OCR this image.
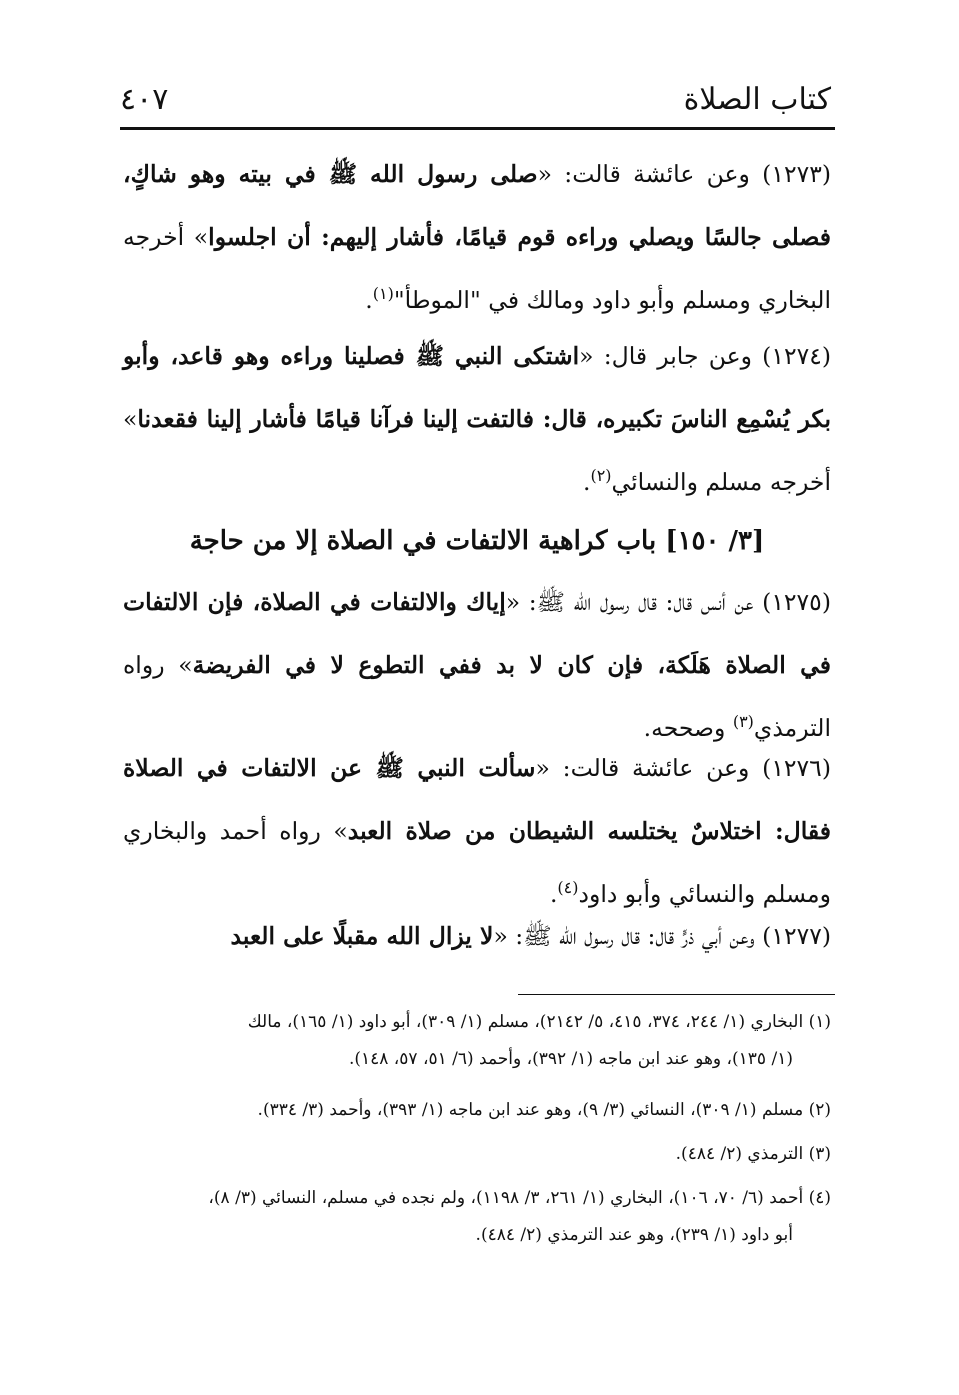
كتاب الصلاة
٤٠٧
(١٢٧٣) وعن عائشة قالت: «صلى رسول الله ﷺ في بيته وهو شاكٍ، فصلى جالسًا ويصلي وراءه قوم قيامًا، فأشار إليهم: أن اجلسوا» أخرجه البخاري ومسلم وأبو داود ومالك في "الموطأ"$^{(١)}$.
(١٢٧٤) وعن جابر قال: «اشتكى النبي ﷺ فصلينا وراءه وهو قاعد، وأبو بكر يُسْمِع الناسَ تكبيره، قال: فالتفت إلينا فرآنا قيامًا فأشار إلينا فقعدنا» أخرجه مسلم والنسائي$^{(٢)}$.
[٣/ ١٥٠] باب كراهية الالتفات في الصلاة إلا من حاجة
(١٢٧٥) عن أنس قال: قال رسول الله ﷺ: «إياك والالتفات في الصلاة، فإن الالتفات في الصلاة هَلَكة، فإن كان لا بد ففي التطوع لا في الفريضة» رواه الترمذي$^{(٣)}$ وصححه.
(١٢٧٦) وعن عائشة قالت: «سألت النبي ﷺ عن الالتفات في الصلاة فقال: اختلاسٌ يختلسه الشيطان من صلاة العبد» رواه أحمد والبخاري ومسلم والنسائي وأبو داود$^{(٤)}$.
(١٢٧٧) وعن أبي ذرٍّ قال: قال رسول الله ﷺ: «لا يزال الله مقبلًا على العبد
(١) البخاري (١/ ٢٤٤، ٣٧٤، ٤١٥، ٥/ ٢١٤٢)، مسلم (١/ ٣٠٩)، أبو داود (١/ ١٦٥)، مالك
(١/ ١٣٥)، وهو عند ابن ماجه (١/ ٣٩٢)، وأحمد (٦/ ٥١، ٥٧، ١٤٨).
(٢) مسلم (١/ ٣٠٩)، النسائي (٣/ ٩)، وهو عند ابن ماجه (١/ ٣٩٣)، وأحمد (٣/ ٣٣٤).
(٣) الترمذي (٢/ ٤٨٤).
(٤) أحمد (٦/ ٧٠، ١٠٦)، البخاري (١/ ٢٦١، ٣/ ١١٩٨)، ولم نجده في مسلم، النسائي (٣/ ٨)،
أبو داود (١/ ٢٣٩)، وهو عند الترمذي (٢/ ٤٨٤).
